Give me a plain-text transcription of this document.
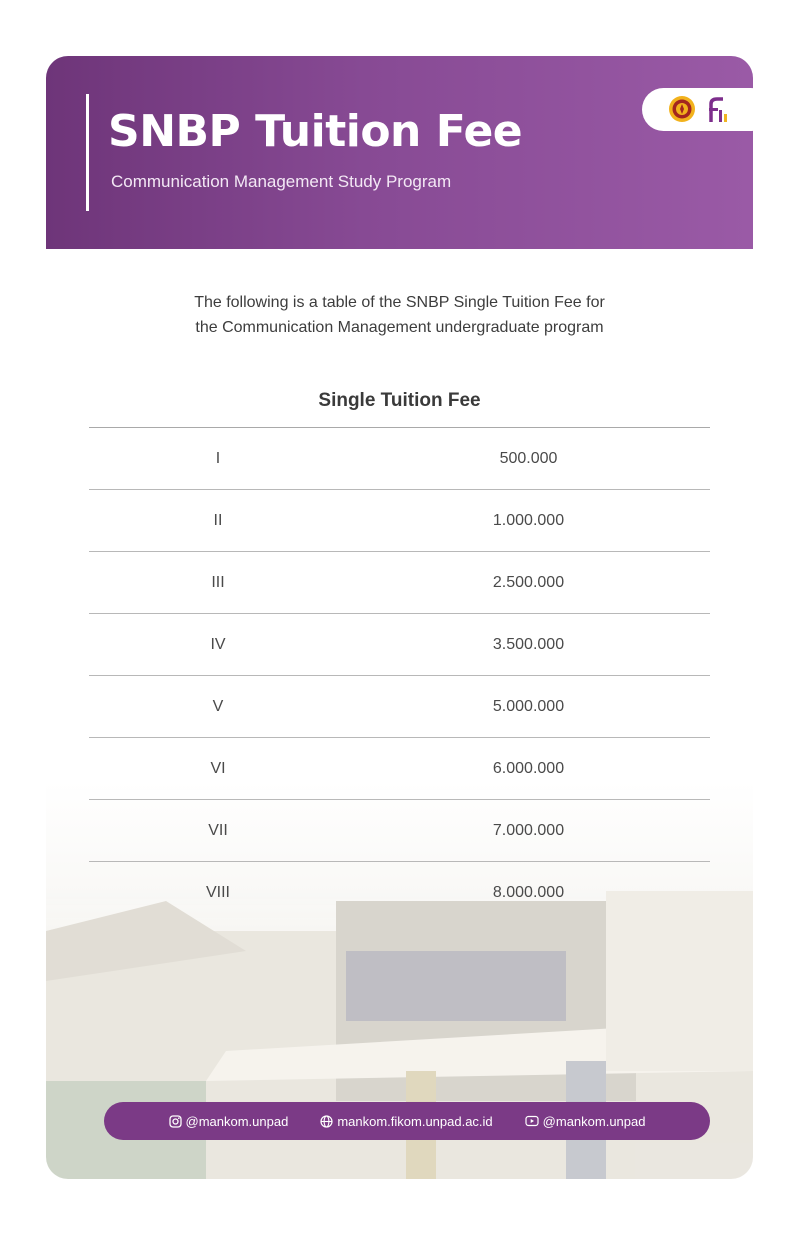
SNBP Tuition Fee
Communication Management Study Program
The following is a table of the SNBP Single Tuition Fee for
the Communication Management undergraduate program
Single Tuition Fee
I	500.000
II	1.000.000
III	2.500.000
IV	3.500.000
V	5.000.000
VI	6.000.000
VII	7.000.000
VIII	8.000.000
@mankom.unpad	mankom.fikom.unpad.ac.id	@mankom.unpad
